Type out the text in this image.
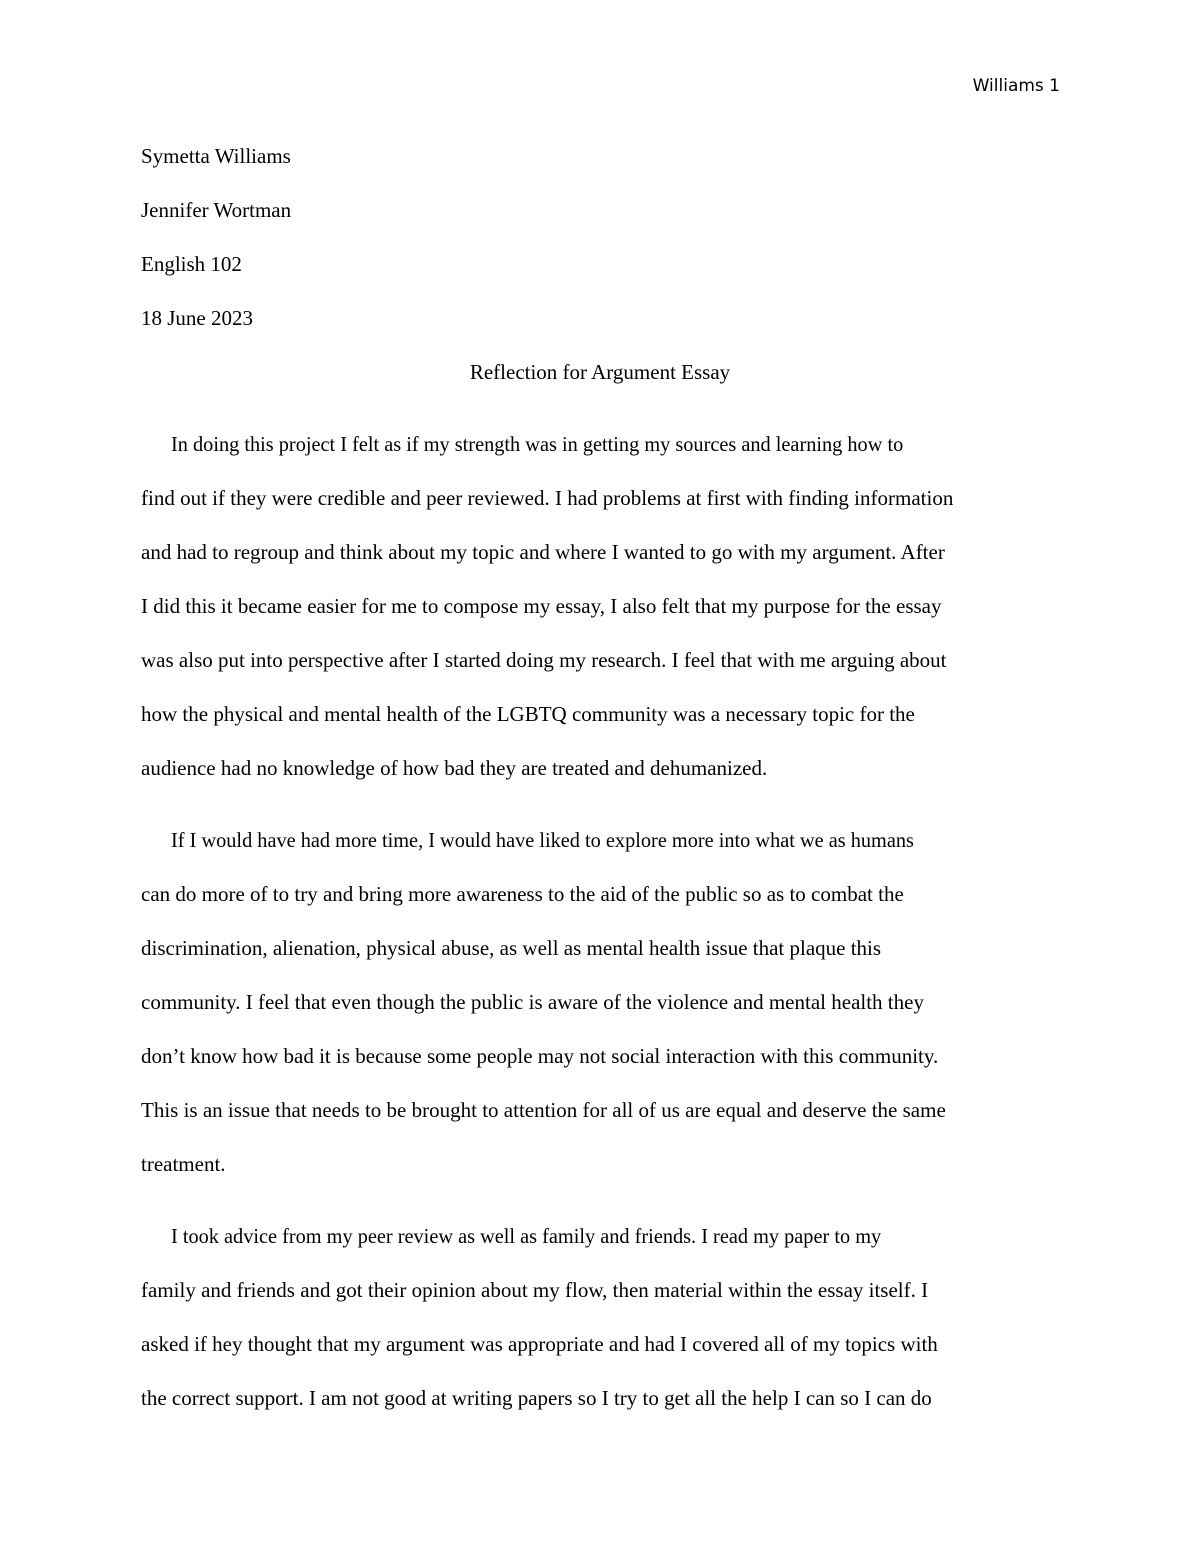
Williams 1
Symetta Williams
Jennifer Wortman
English 102
18 June 2023
Reflection for Argument Essay
In doing this project I felt as if my strength was in getting my sources and learning how to
find out if they were credible and peer reviewed. I had problems at first with finding information
and had to regroup and think about my topic and where I wanted to go with my argument. After
I did this it became easier for me to compose my essay, I also felt that my purpose for the essay
was also put into perspective after I started doing my research. I feel that with me arguing about
how the physical and mental health of the LGBTQ community was a necessary topic for the
audience had no knowledge of how bad they are treated and dehumanized.
If I would have had more time, I would have liked to explore more into what we as humans
can do more of to try and bring more awareness to the aid of the public so as to combat the
discrimination, alienation, physical abuse, as well as mental health issue that plaque this
community. I feel that even though the public is aware of the violence and mental health they
don’t know how bad it is because some people may not social interaction with this community.
This is an issue that needs to be brought to attention for all of us are equal and deserve the same
treatment.
I took advice from my peer review as well as family and friends. I read my paper to my
family and friends and got their opinion about my flow, then material within the essay itself. I
asked if hey thought that my argument was appropriate and had I covered all of my topics with
the correct support. I am not good at writing papers so I try to get all the help I can so I can do
